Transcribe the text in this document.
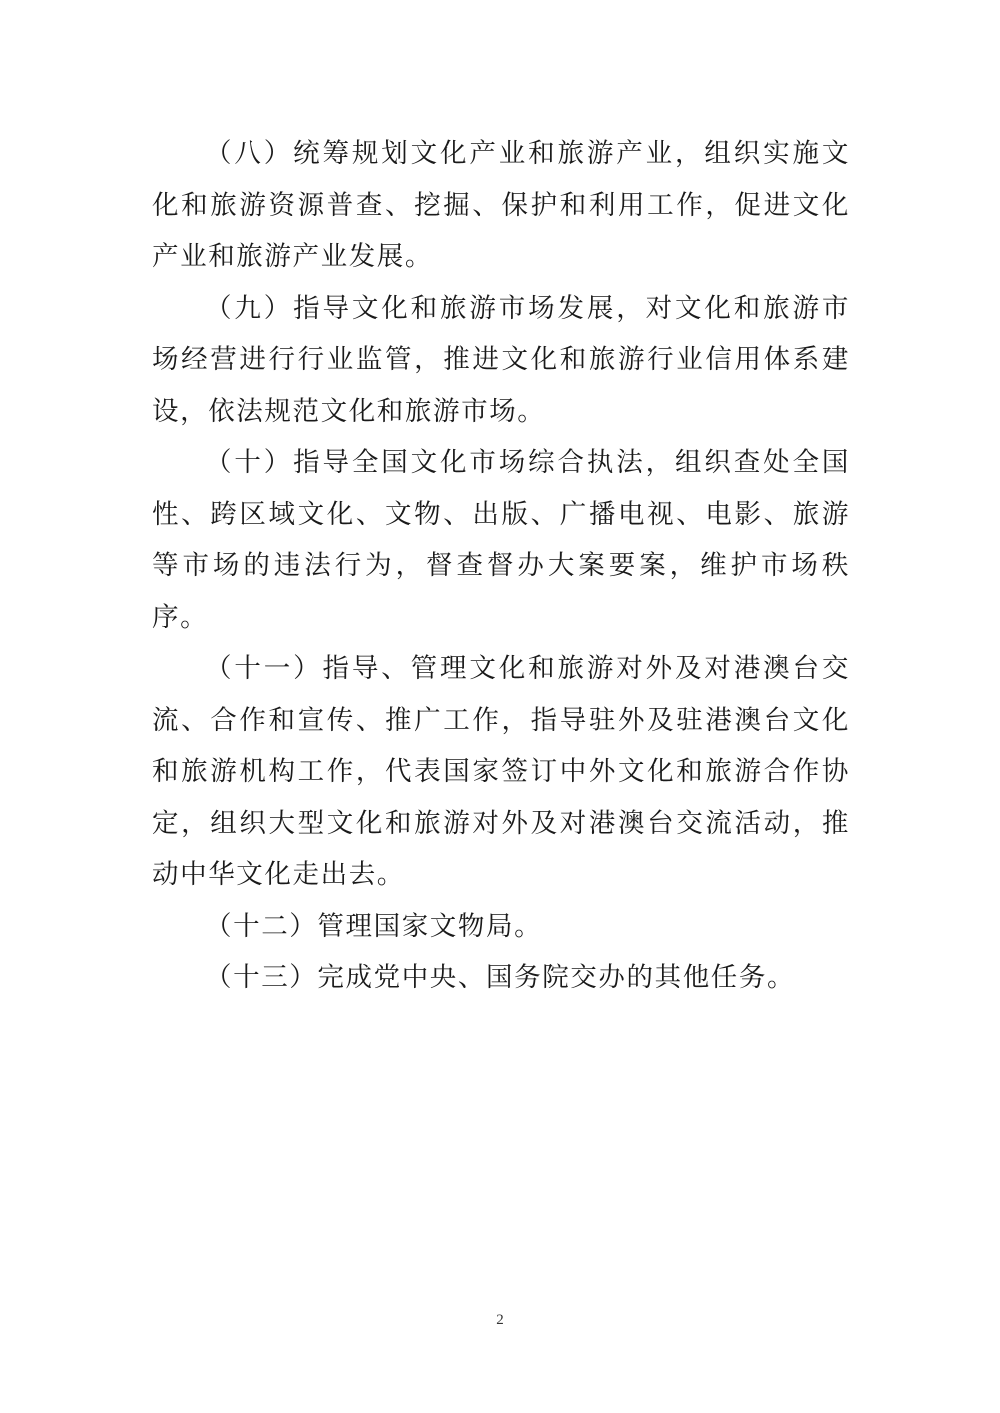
（八）统筹规划文化产业和旅游产业，组织实施文化和旅游资源普查、挖掘、保护和利用工作，促进文化产业和旅游产业发展。

（九）指导文化和旅游市场发展，对文化和旅游市场经营进行行业监管，推进文化和旅游行业信用体系建设，依法规范文化和旅游市场。

（十）指导全国文化市场综合执法，组织查处全国性、跨区域文化、文物、出版、广播电视、电影、旅游等市场的违法行为，督查督办大案要案，维护市场秩序。

（十一）指导、管理文化和旅游对外及对港澳台交流、合作和宣传、推广工作，指导驻外及驻港澳台文化和旅游机构工作，代表国家签订中外文化和旅游合作协定，组织大型文化和旅游对外及对港澳台交流活动，推动中华文化走出去。

（十二）管理国家文物局。

（十三）完成党中央、国务院交办的其他任务。

2
